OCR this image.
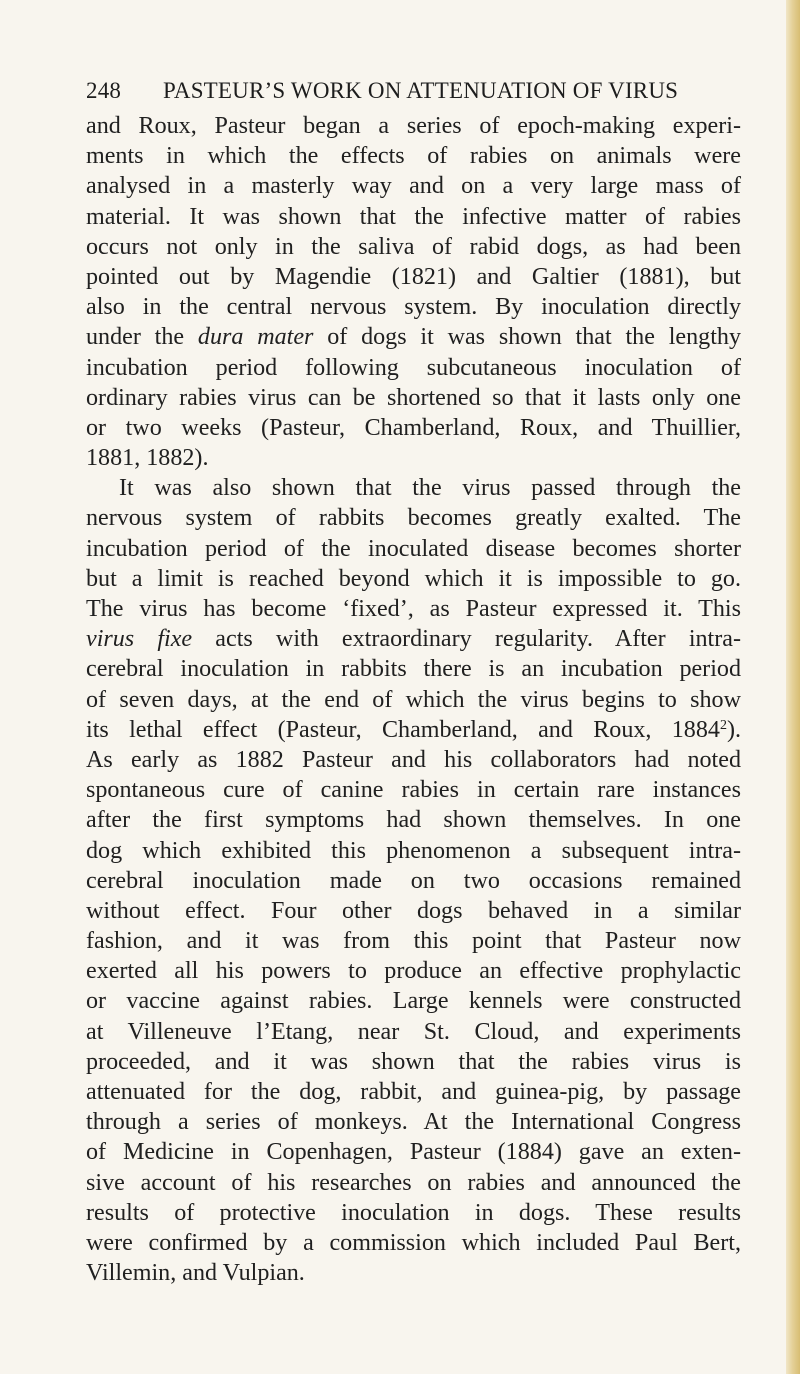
248 PASTEUR’S WORK ON ATTENUATION OF VIRUS
and Roux, Pasteur began a series of epoch-making experi-
ments in which the effects of rabies on animals were
analysed in a masterly way and on a very large mass of
material. It was shown that the infective matter of rabies
occurs not only in the saliva of rabid dogs, as had been
pointed out by Magendie (1821) and Galtier (1881), but
also in the central nervous system. By inoculation directly
under the dura mater of dogs it was shown that the lengthy
incubation period following subcutaneous inoculation of
ordinary rabies virus can be shortened so that it lasts only one
or two weeks (Pasteur, Chamberland, Roux, and Thuillier,
1881, 1882).
It was also shown that the virus passed through the
nervous system of rabbits becomes greatly exalted. The
incubation period of the inoculated disease becomes shorter
but a limit is reached beyond which it is impossible to go.
The virus has become ‘fixed’, as Pasteur expressed it. This
virus fixe acts with extraordinary regularity. After intra-
cerebral inoculation in rabbits there is an incubation period
of seven days, at the end of which the virus begins to show
its lethal effect (Pasteur, Chamberland, and Roux, 1884$^2$).
As early as 1882 Pasteur and his collaborators had noted
spontaneous cure of canine rabies in certain rare instances
after the first symptoms had shown themselves. In one
dog which exhibited this phenomenon a subsequent intra-
cerebral inoculation made on two occasions remained
without effect. Four other dogs behaved in a similar
fashion, and it was from this point that Pasteur now
exerted all his powers to produce an effective prophylactic
or vaccine against rabies. Large kennels were constructed
at Villeneuve l’Etang, near St. Cloud, and experiments
proceeded, and it was shown that the rabies virus is
attenuated for the dog, rabbit, and guinea-pig, by passage
through a series of monkeys. At the International Congress
of Medicine in Copenhagen, Pasteur (1884) gave an exten-
sive account of his researches on rabies and announced the
results of protective inoculation in dogs. These results
were confirmed by a commission which included Paul Bert,
Villemin, and Vulpian.
